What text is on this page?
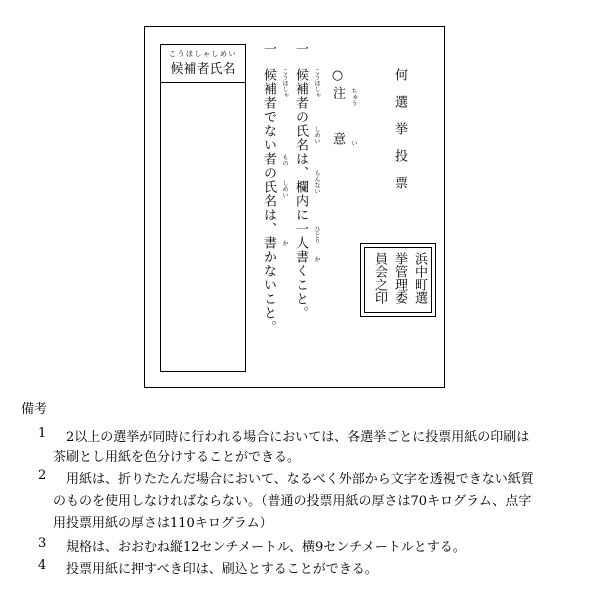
こうほしゃしめい
候補者氏名
一 一
候補者の氏名は、欄内に一人書くこと。
候補者でない者の氏名は、書かないこと。	こうほしゃ
しめい
らんない
ひとり
か
こうほしゃ
もの
しめい
か
○
注　意 ちゅう
い	何選挙投票
浜中町選
挙管理委
員会之印
備考
1 　2以上の選挙が同時に行われる場合においては、各選挙ごとに投票用紙の印刷は
茶刷とし用紙を色分けすることができる。
2 　用紙は、折りたたんだ場合において、なるべく外部から文字を透視できない紙質
のものを使用しなければならない。（普通の投票用紙の厚さは70キログラム、点字
用投票用紙の厚さは110キログラム）
3 　規格は、おおむね縦12センチメートル、横9センチメートルとする。
4 　投票用紙に押すべき印は、刷込とすることができる。
